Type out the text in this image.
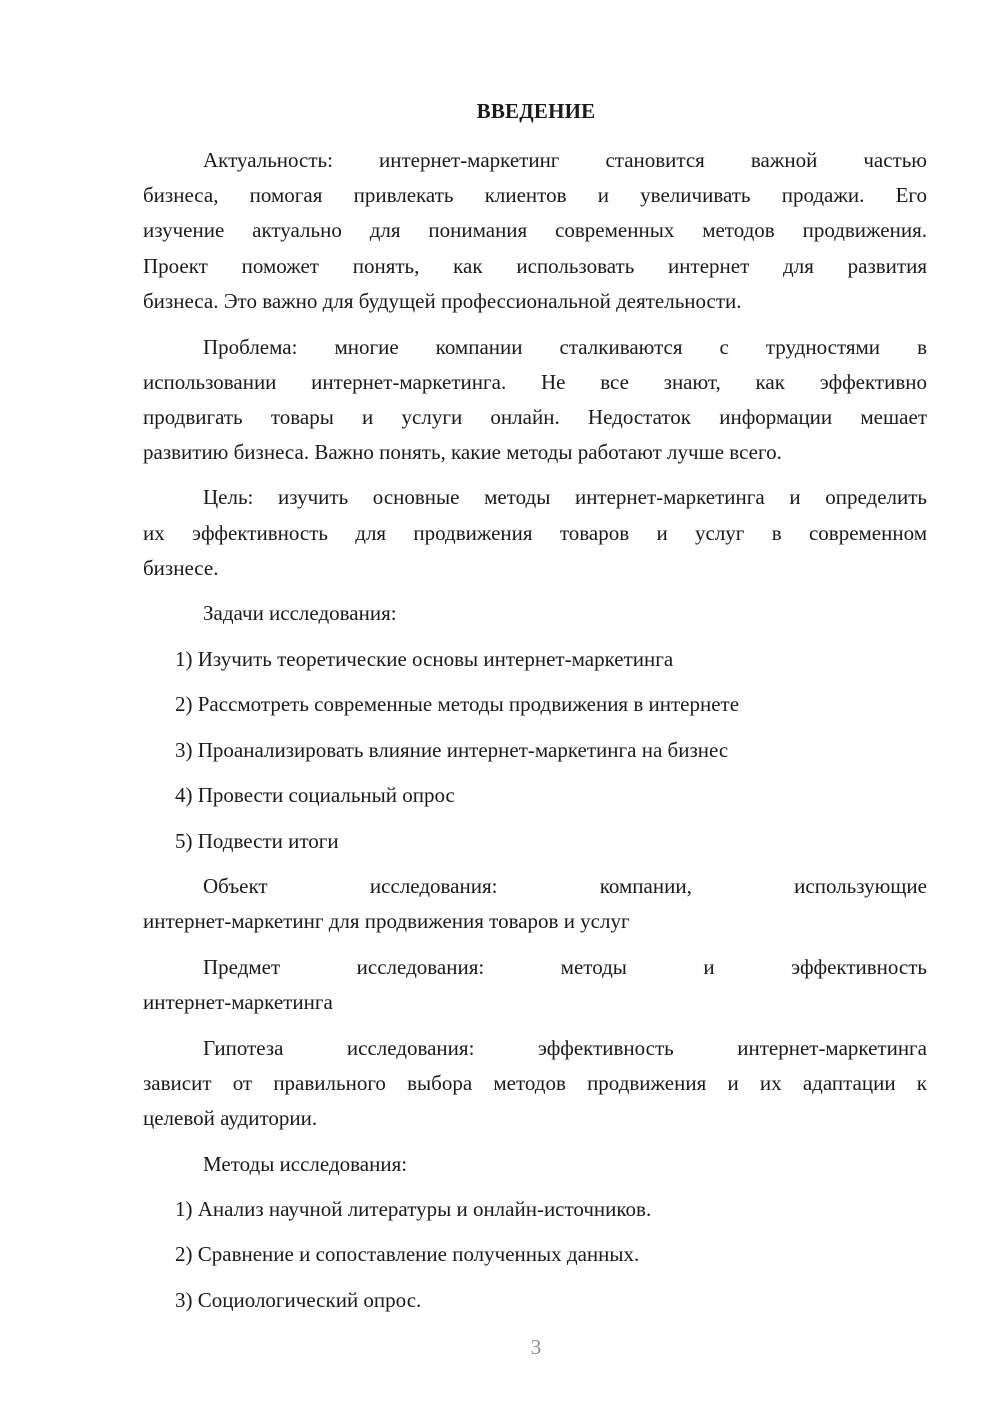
ВВЕДЕНИЕ
Актуальность: интернет-маркетинг становится важной частью
бизнеса, помогая привлекать клиентов и увеличивать продажи. Его
изучение актуально для понимания современных методов продвижения.
Проект поможет понять, как использовать интернет для развития
бизнеса. Это важно для будущей профессиональной деятельности.
Проблема: многие компании сталкиваются с трудностями в
использовании интернет-маркетинга. Не все знают, как эффективно
продвигать товары и услуги онлайн. Недостаток информации мешает
развитию бизнеса. Важно понять, какие методы работают лучше всего.
Цель: изучить основные методы интернет-маркетинга и определить
их эффективность для продвижения товаров и услуг в современном
бизнесе.
Задачи исследования:
1) Изучить теоретические основы интернет-маркетинга
2) Рассмотреть современные методы продвижения в интернете
3) Проанализировать влияние интернет-маркетинга на бизнес
4) Провести социальный опрос
5) Подвести итоги
Объект исследования: компании, использующие
интернет-маркетинг для продвижения товаров и услуг
Предмет исследования: методы и эффективность
интернет-маркетинга
Гипотеза исследования: эффективность интернет-маркетинга
зависит от правильного выбора методов продвижения и их адаптации к
целевой аудитории.
Методы исследования:
1) Анализ научной литературы и онлайн-источников.
2) Сравнение и сопоставление полученных данных.
3) Социологический опрос.
3
